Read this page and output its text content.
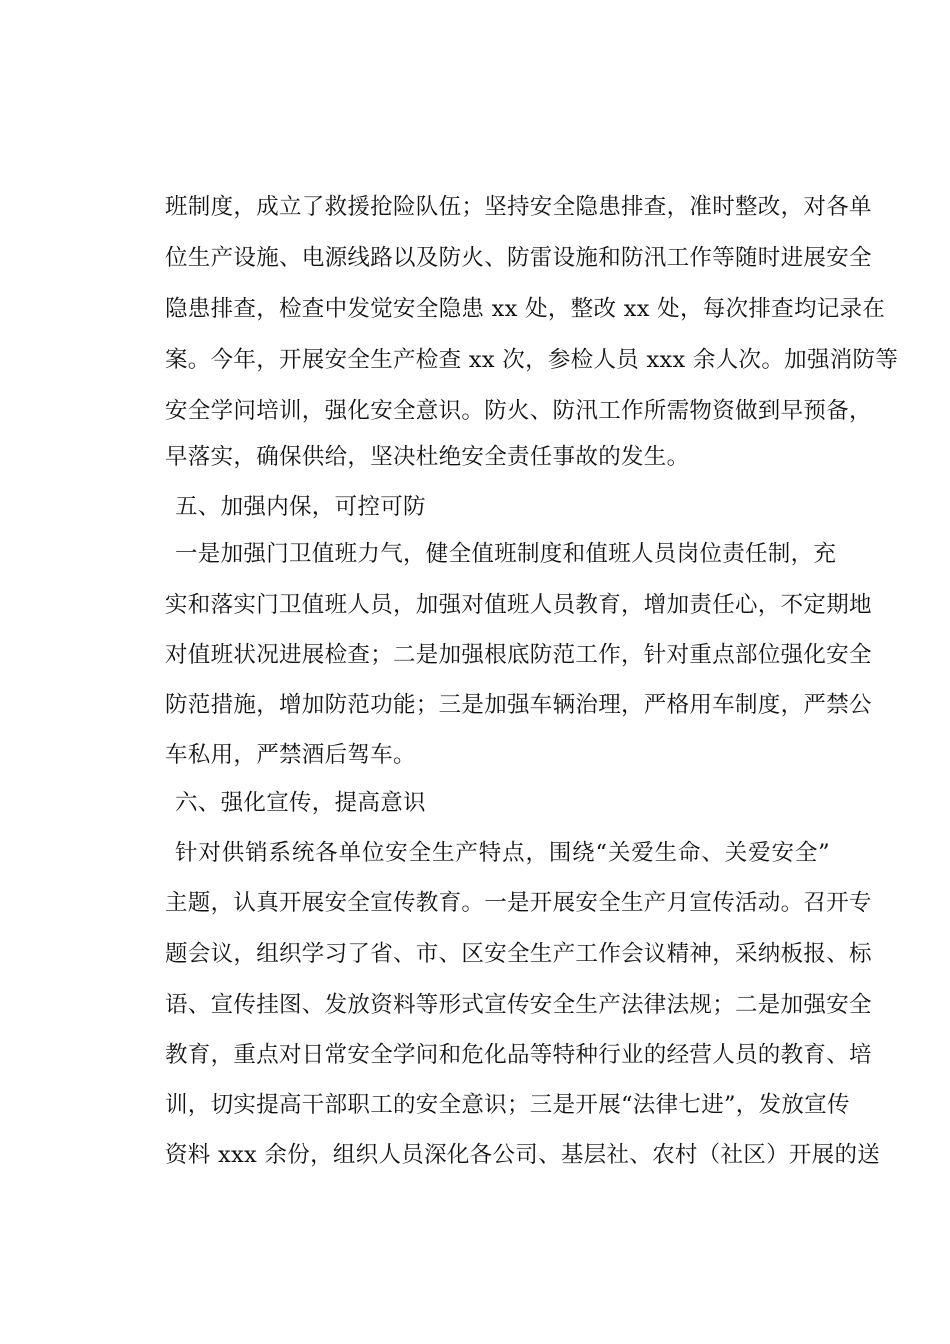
班制度，成立了救援抢险队伍；坚持安全隐患排查，准时整改，对各单
位生产设施、电源线路以及防火、防雷设施和防汛工作等随时进展安全
隐患排查，检查中发觉安全隐患 xx 处，整改 xx 处，每次排查均记录在
案。今年，开展安全生产检查 xx 次，参检人员 xxx 余人次。加强消防等
安全学问培训，强化安全意识。防火、防汛工作所需物资做到早预备，
早落实，确保供给，坚决杜绝安全责任事故的发生。
五、加强内保，可控可防
一是加强门卫值班力气，健全值班制度和值班人员岗位责任制，充
实和落实门卫值班人员，加强对值班人员教育，增加责任心，不定期地
对值班状况进展检查；二是加强根底防范工作，针对重点部位强化安全
防范措施，增加防范功能；三是加强车辆治理，严格用车制度，严禁公
车私用，严禁酒后驾车。
六、强化宣传，提高意识
针对供销系统各单位安全生产特点，围绕“关爱生命、关爱安全”
主题，认真开展安全宣传教育。一是开展安全生产月宣传活动。召开专
题会议，组织学习了省、市、区安全生产工作会议精神，采纳板报、标
语、宣传挂图、发放资料等形式宣传安全生产法律法规；二是加强安全
教育，重点对日常安全学问和危化品等特种行业的经营人员的教育、培
训，切实提高干部职工的安全意识；三是开展“法律七进”，发放宣传
资料 xxx 余份，组织人员深化各公司、基层社、农村（社区）开展的送
